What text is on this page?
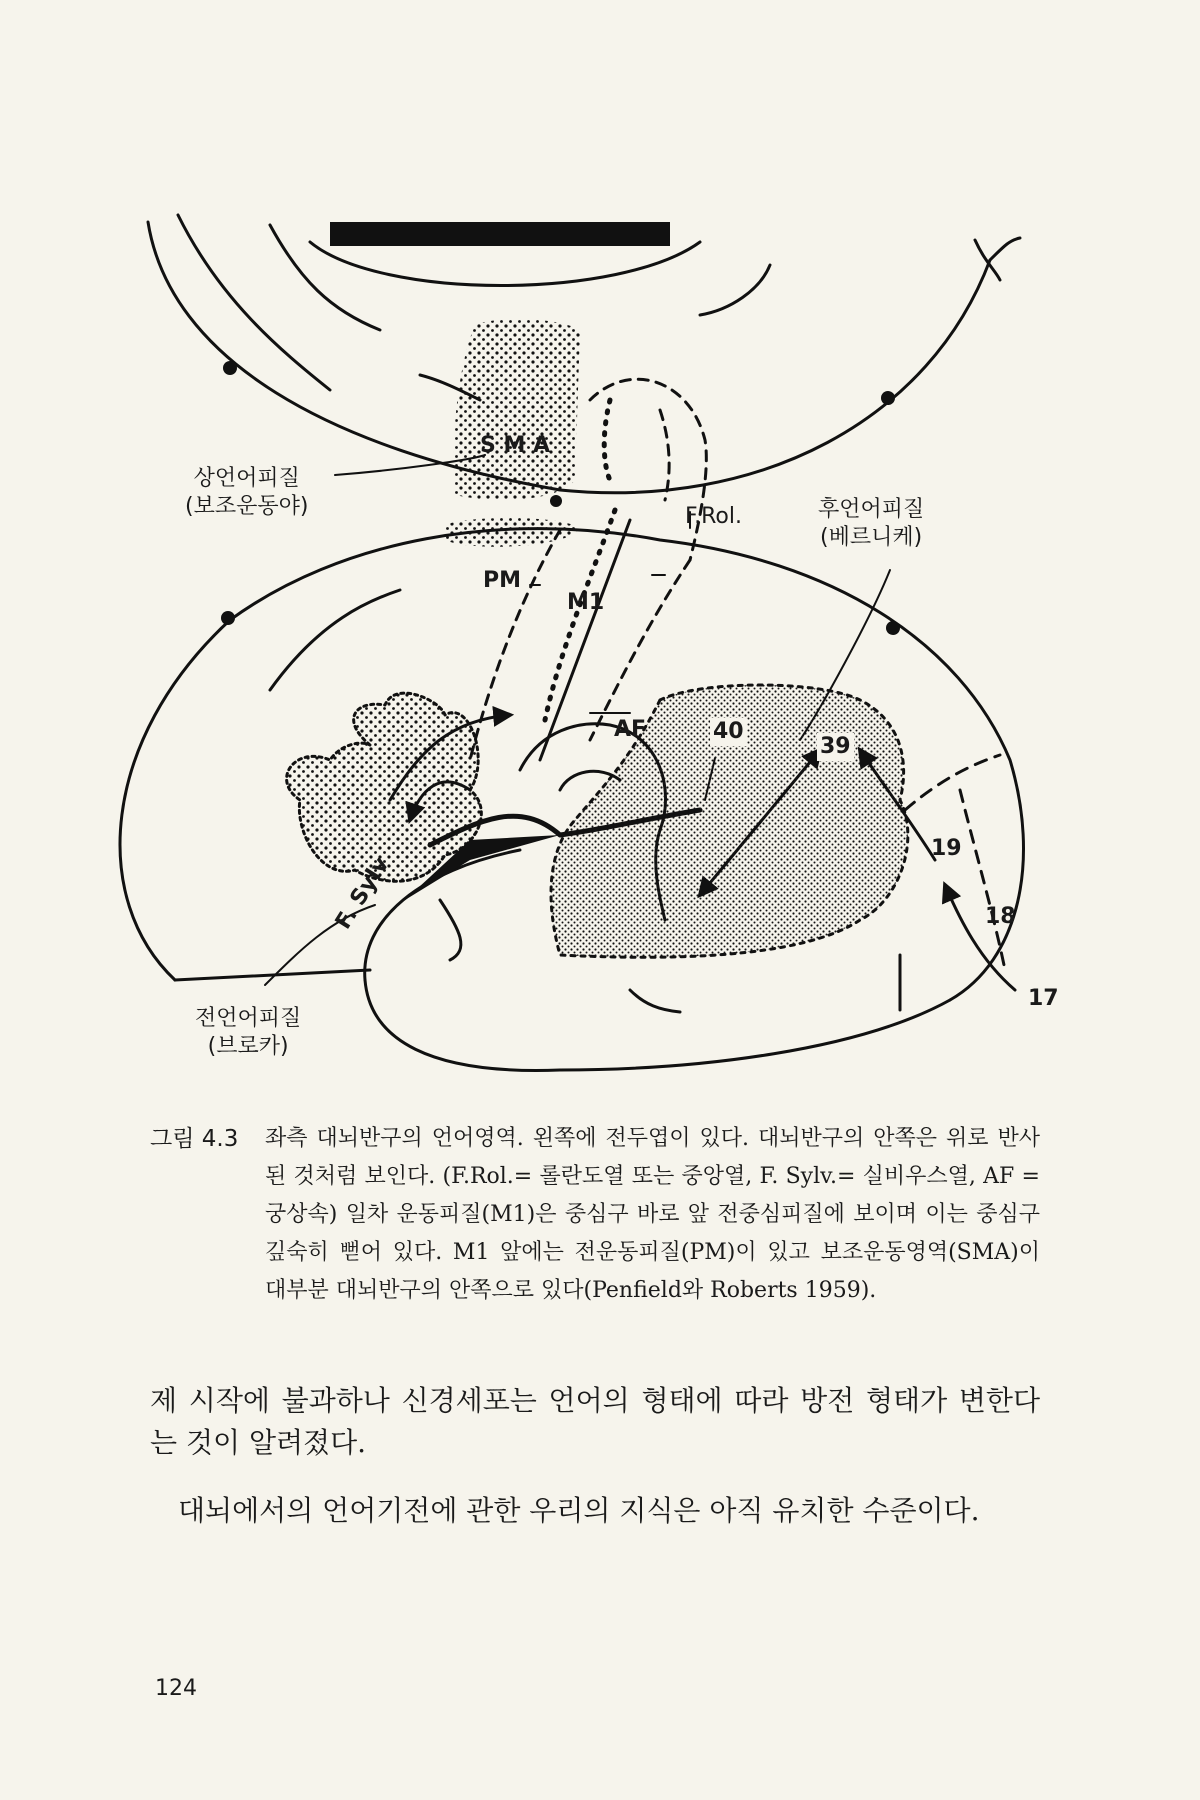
S M A
F.Rol.
PM
M1
AF	40
39
19
18
17
F. Sylv
상언어피질
(보조운동야)	후언어피질
(베르니케)
전언어피질
(브로카)
그림 4.3	좌측 대뇌반구의 언어영역. 왼쪽에 전두엽이 있다. 대뇌반구의 안쪽은 위로 반사된 것처럼 보인다. (F.Rol.= 롤란도열 또는 중앙열, F. Sylv.= 실비우스열, AF = 궁상속) 일차 운동피질(M1)은 중심구 바로 앞 전중심피질에 보이며 이는 중심구 깊숙히 뻗어 있다. M1 앞에는 전운동피질(PM)이 있고 보조운동영역(SMA)이 대부분 대뇌반구의 안쪽으로 있다(Penfield와 Roberts 1959).

제 시작에 불과하나 신경세포는 언어의 형태에 따라 방전 형태가 변한다는 것이 알려졌다.

대뇌에서의 언어기전에 관한 우리의 지식은 아직 유치한 수준이다.

124
